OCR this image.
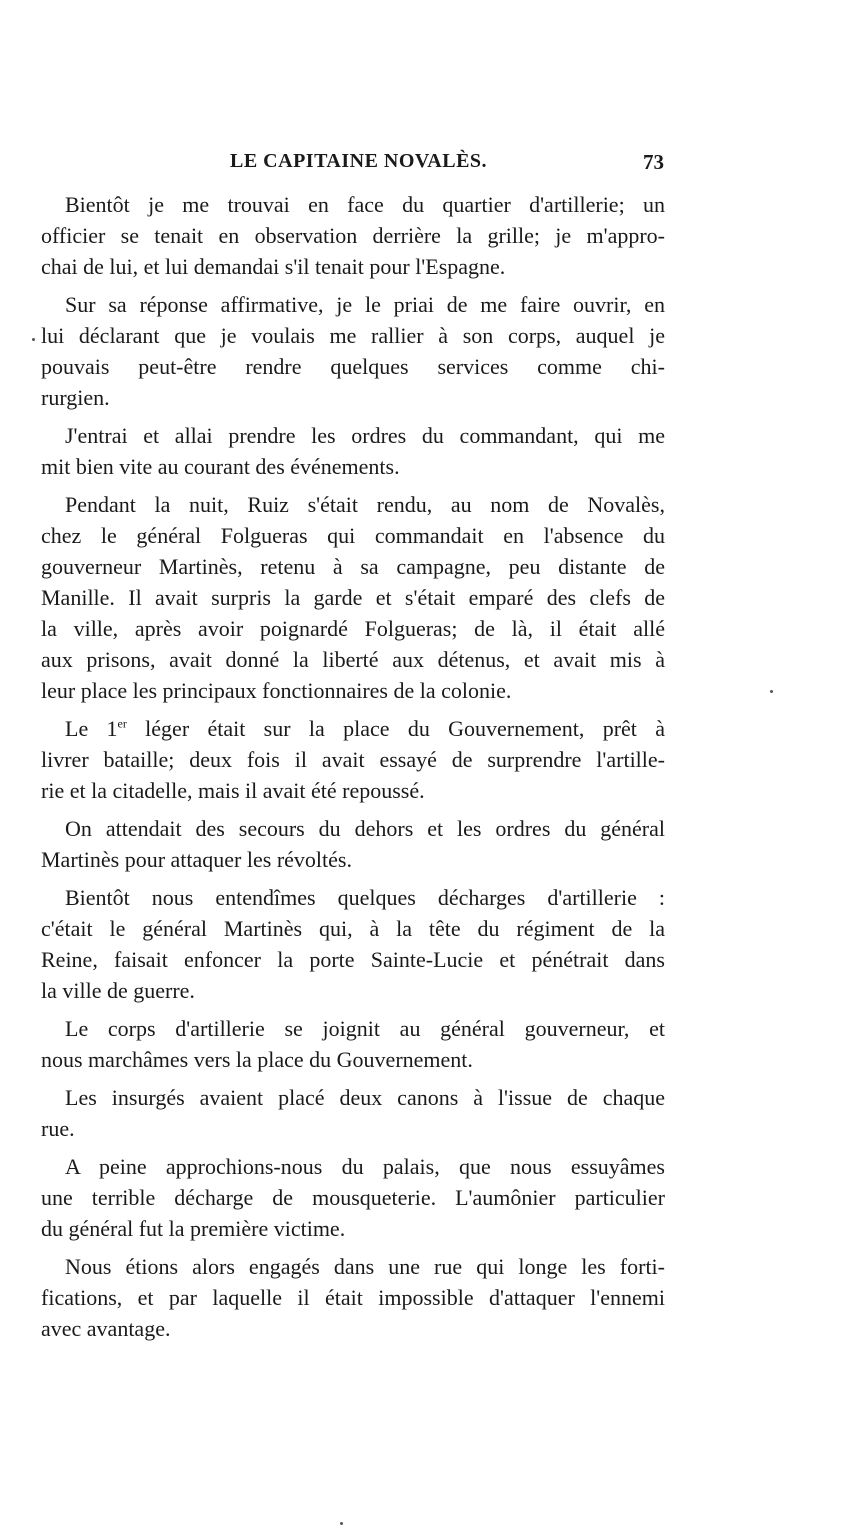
LE CAPITAINE NOVALÈS.	73

Bientôt je me trouvai en face du quartier d'artillerie; un
officier se tenait en observation derrière la grille; je m'appro-
chai de lui, et lui demandai s'il tenait pour l'Espagne.

Sur sa réponse affirmative, je le priai de me faire ouvrir, en
lui déclarant que je voulais me rallier à son corps, auquel je
pouvais peut-être rendre quelques services comme chi-
rurgien.

J'entrai et allai prendre les ordres du commandant, qui me
mit bien vite au courant des événements.

Pendant la nuit, Ruiz s'était rendu, au nom de Novalès,
chez le général Folgueras qui commandait en l'absence du
gouverneur Martinès, retenu à sa campagne, peu distante de
Manille. Il avait surpris la garde et s'était emparé des clefs de
la ville, après avoir poignardé Folgueras; de là, il était allé
aux prisons, avait donné la liberté aux détenus, et avait mis à
leur place les principaux fonctionnaires de la colonie.

Le 1er léger était sur la place du Gouvernement, prêt à
livrer bataille; deux fois il avait essayé de surprendre l'artille-
rie et la citadelle, mais il avait été repoussé.

On attendait des secours du dehors et les ordres du général
Martinès pour attaquer les révoltés.

Bientôt nous entendîmes quelques décharges d'artillerie :
c'était le général Martinès qui, à la tête du régiment de la
Reine, faisait enfoncer la porte Sainte-Lucie et pénétrait dans
la ville de guerre.

Le corps d'artillerie se joignit au général gouverneur, et
nous marchâmes vers la place du Gouvernement.

Les insurgés avaient placé deux canons à l'issue de chaque
rue.

A peine approchions-nous du palais, que nous essuyâmes
une terrible décharge de mousqueterie. L'aumônier particulier
du général fut la première victime.

Nous étions alors engagés dans une rue qui longe les forti-
fications, et par laquelle il était impossible d'attaquer l'ennemi
avec avantage.
